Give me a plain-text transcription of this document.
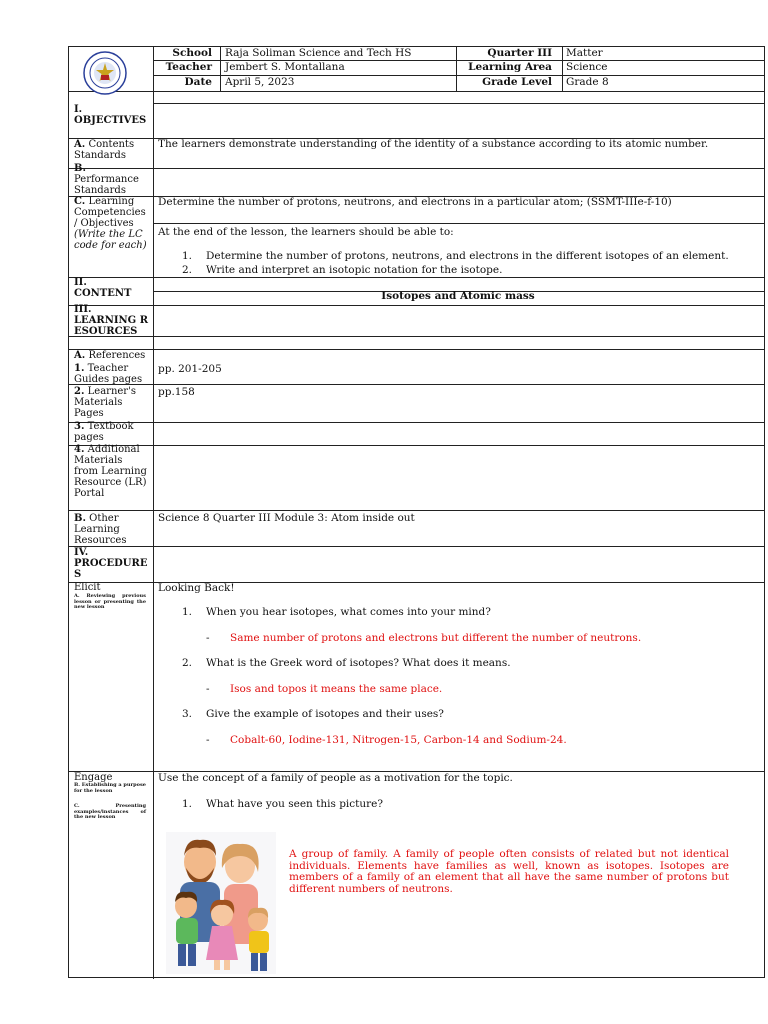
School Raja Soliman Science and Tech HS
Teacher Jembert S. Montallana
Date April 5, 2023
Quarter III Matter
Learning Area Science
Grade Level Grade 8
I.
OBJECTIVES
A. Contents Standards
The learners demonstrate understanding of the identity of a substance according to its atomic number.
B.
Performance Standards
C. Learning Competencies / Objectives
(Write the LC code for each)
Determine the number of protons, neutrons, and electrons in a particular atom; (SSMT-IIIe-f-10)
At the end of the lesson, the learners should be able to:
1. Determine the number of protons, neutrons, and electrons in the different isotopes of an element.
2. Write and interpret an isotopic notation for the isotope.
II.
CONTENT	Isotopes and Atomic mass
III.
LEARNING RESOURCES
A. References
1. Teacher Guides pages
pp. 201-205
2. Learner's Materials Pages
pp.158
3. Textbook pages
4. Additional Materials from Learning Resource (LR) Portal
B. Other Learning Resources
Science 8 Quarter III Module 3: Atom inside out
IV.
PROCEDURES
Elicit
A. Reviewing previous lesson or presenting the new lesson
Looking Back!
1. When you hear isotopes, what comes into your mind?
- Same number of protons and electrons but different the number of neutrons.
2. What is the Greek word of isotopes? What does it means.
- Isos and topos it means the same place.
3. Give the example of isotopes and their uses?
- Cobalt-60, Iodine-131, Nitrogen-15, Carbon-14 and Sodium-24.
Engage
B. Establishing a purpose for the lesson
C. Presenting examples/instances of the new lesson
Use the concept of a family of people as a motivation for the topic.
1. What have you seen this picture?
A group of family. A family of people often consists of related but not identical individuals. Elements have families as well, known as isotopes. Isotopes are members of a family of an element that all have the same number of protons but different numbers of neutrons.
